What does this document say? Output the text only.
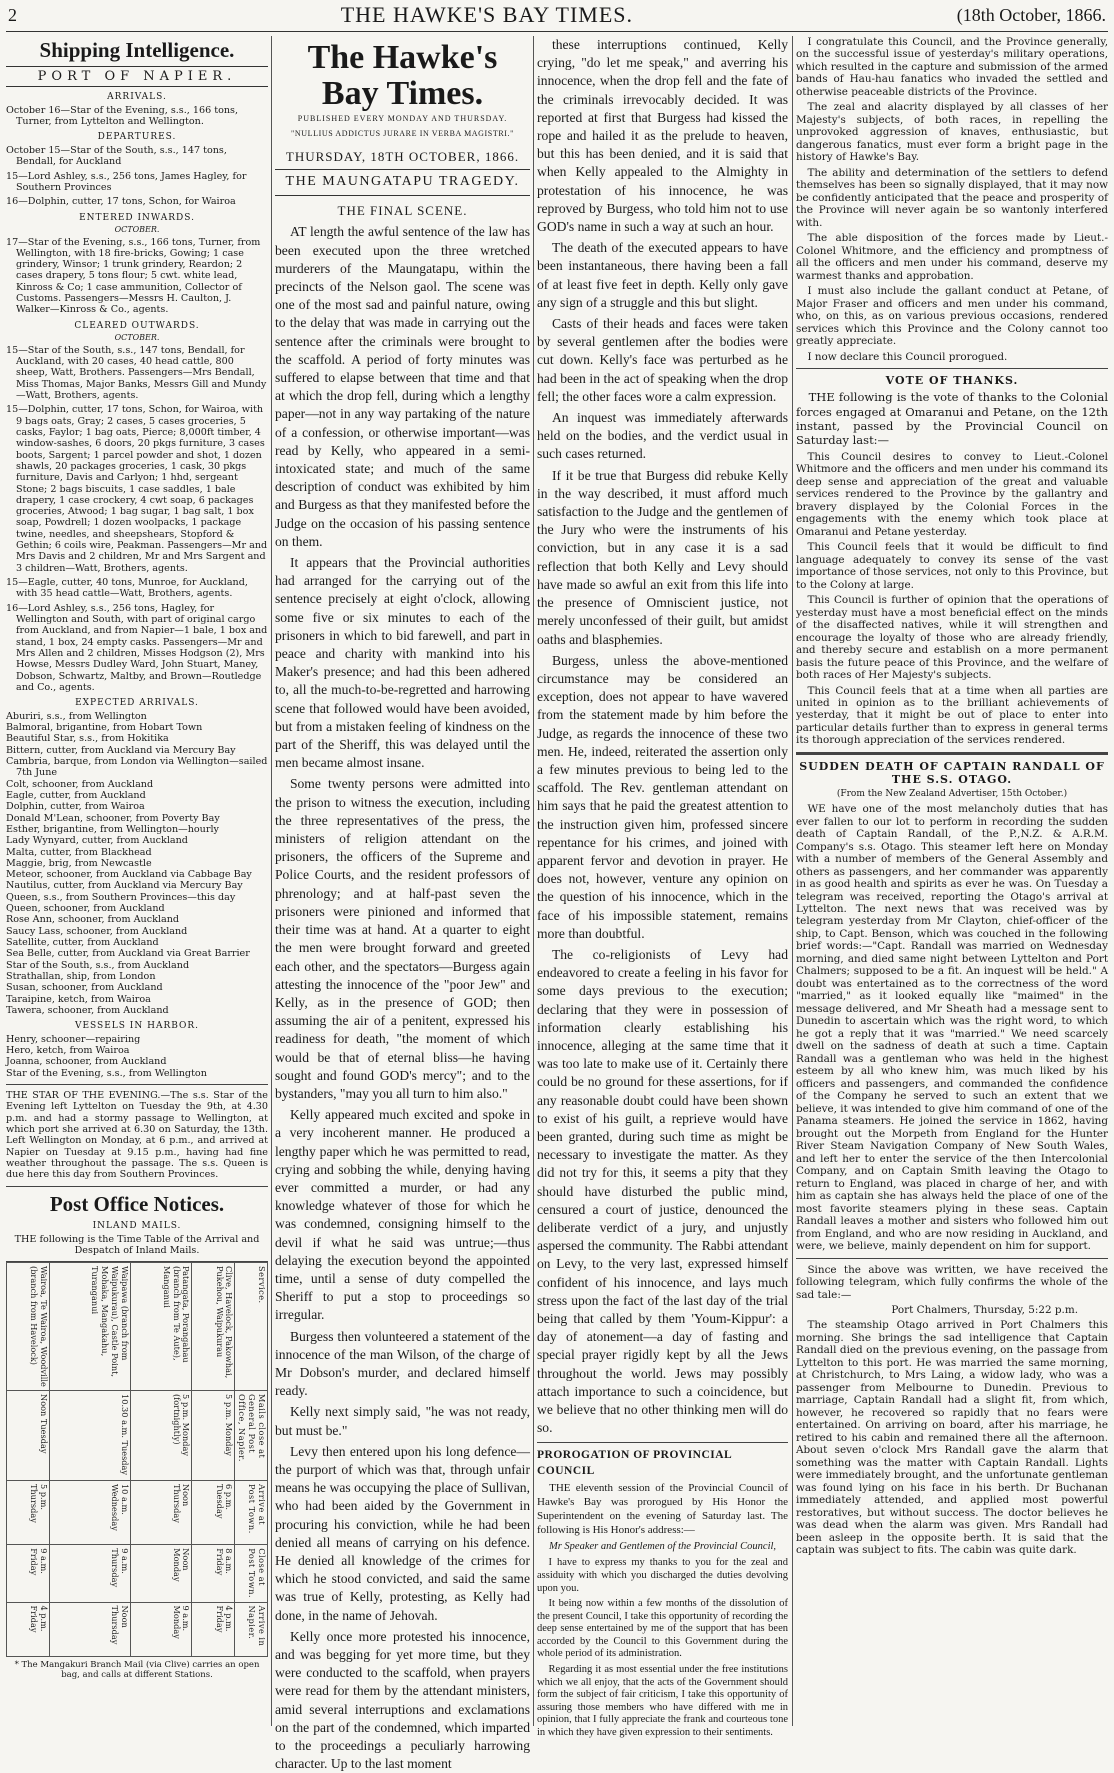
2	THE HAWKE'S BAY TIMES.	(18th October, 1866.
Shipping Intelligence.
PORT OF NAPIER.
ARRIVALS.

October 16—Star of the Evening, s.s., 166 tons, Turner, from Lyttelton and Wellington.

DEPARTURES.

October 15—Star of the South, s.s., 147 tons, Bendall, for Auckland

15—Lord Ashley, s.s., 256 tons, James Hagley, for Southern Provinces

16—Dolphin, cutter, 17 tons, Schon, for Wairoa

ENTERED INWARDS.
OCTOBER.

17—Star of the Evening, s.s., 166 tons, Turner, from Wellington, with 18 fire-bricks, Gowing; 1 case grindery, Winsor; 1 trunk grindery, Reardon; 2 cases drapery, 5 tons flour; 5 cwt. white lead, Kinross & Co; 1 case ammunition, Collector of Customs. Passengers—Messrs H. Caulton, J. Walker—Kinross & Co., agents.

CLEARED OUTWARDS.
OCTOBER.

15—Star of the South, s.s., 147 tons, Bendall, for Auckland, with 20 cases, 40 head cattle, 800 sheep, Watt, Brothers. Passengers—Mrs Bendall, Miss Thomas, Major Banks, Messrs Gill and Mundy—Watt, Brothers, agents.

15—Dolphin, cutter, 17 tons, Schon, for Wairoa, with 9 bags oats, Gray; 2 cases, 5 cases groceries, 5 casks, Faylor; 1 bag oats, Pierce; 8,000ft timber, 4 window-sashes, 6 doors, 20 pkgs furniture, 3 cases boots, Sargent; 1 parcel powder and shot, 1 dozen shawls, 20 packages groceries, 1 cask, 30 pkgs furniture, Davis and Carlyon; 1 hhd, sergeant Stone; 2 bags biscuits, 1 case saddles, 1 bale drapery, 1 case crockery, 4 cwt soap, 6 packages groceries, Atwood; 1 bag sugar, 1 bag salt, 1 box soap, Powdrell; 1 dozen woolpacks, 1 package twine, needles, and sheepshears, Stopford & Gethin; 6 coils wire, Peakman. Passengers—Mr and Mrs Davis and 2 children, Mr and Mrs Sargent and 3 children—Watt, Brothers, agents.

15—Eagle, cutter, 40 tons, Munroe, for Auckland, with 35 head cattle—Watt, Brothers, agents.

16—Lord Ashley, s.s., 256 tons, Hagley, for Wellington and South, with part of original cargo from Auckland, and from Napier—1 bale, 1 box and stand, 1 box, 24 empty casks. Passengers—Mr and Mrs Allen and 2 children, Misses Hodgson (2), Mrs Howse, Messrs Dudley Ward, John Stuart, Maney, Dobson, Schwartz, Maltby, and Brown—Routledge and Co., agents.

EXPECTED ARRIVALS.

Aburiri, s.s., from Wellington

Balmoral, brigantine, from Hobart Town

Beautiful Star, s.s., from Hokitika

Bittern, cutter, from Auckland via Mercury Bay

Cambria, barque, from London via Wellington—sailed 7th June

Colt, schooner, from Auckland

Eagle, cutter, from Auckland

Dolphin, cutter, from Wairoa

Donald M'Lean, schooner, from Poverty Bay

Esther, brigantine, from Wellington—hourly

Lady Wynyard, cutter, from Auckland

Malta, cutter, from Blackhead

Maggie, brig, from Newcastle

Meteor, schooner, from Auckland via Cabbage Bay

Nautilus, cutter, from Auckland via Mercury Bay

Queen, s.s., from Southern Provinces—this day

Queen, schooner, from Auckland

Rose Ann, schooner, from Auckland

Saucy Lass, schooner, from Auckland

Satellite, cutter, from Auckland

Sea Belle, cutter, from Auckland via Great Barrier

Star of the South, s.s., from Auckland

Strathallan, ship, from London

Susan, schooner, from Auckland

Taraipine, ketch, from Wairoa

Tawera, schooner, from Auckland

VESSELS IN HARBOR.

Henry, schooner—repairing

Hero, ketch, from Wairoa

Joanna, schooner, from Auckland

Star of the Evening, s.s., from Wellington

THE STAR OF THE EVENING.—The s.s. Star of the Evening left Lyttelton on Tuesday the 9th, at 4.30 p.m. and had a stormy passage to Wellington, at which port she arrived at 6.30 on Saturday, the 13th. Left Wellington on Monday, at 6 p.m., and arrived at Napier on Tuesday at 9.15 p.m., having had fine weather throughout the passage. The s.s. Queen is due here this day from Southern Provinces.

Post Office Notices.
INLAND MAILS.

THE following is the Time Table of the Arrival and Despatch of Inland Mails.

Service.	Mails close at General Post Office, Napier.	Arrive at Post Town.	Close at Post Town.	Arrive in Napier.
Clive, Havelock, Pakowhai, Pukehou, Waipukurau	5 p.m. Monday	6 p.m. Tuesday	8 a.m. Friday	4 p.m. Friday
Patangata, Porangahau (branch from Te Aute), Manganui	5 p.m. Monday (fortnightly)	Noon Thursday	Noon Monday	9 a.m. Monday
Waipawa (branch from Waipukurau), Castle Point, Mohaka, Mangakahu, Turanganui	10.30 a.m. Tuesday	10 a.m. Wednesday	9 a.m. Thursday	Noon Thursday
Wairoa, Te Wairoa, Woodville (branch from Havelock)	Noon Tuesday	5 p.m. Thursday	9 a.m. Friday	4 p.m. Friday
* The Mangakuri Branch Mail (via Clive) carries an open bag, and calls at different Stations.
The Hawke's Bay Times.
PUBLISHED EVERY MONDAY AND THURSDAY.
"NULLIUS ADDICTUS JURARE IN VERBA MAGISTRI."
THURSDAY, 18TH OCTOBER, 1866.
THE MAUNGATAPU TRAGEDY.
THE FINAL SCENE.

AT length the awful sentence of the law has been executed upon the three wretched murderers of the Maungatapu, within the precincts of the Nelson gaol. The scene was one of the most sad and painful nature, owing to the delay that was made in carrying out the sentence after the criminals were brought to the scaffold. A period of forty minutes was suffered to elapse between that time and that at which the drop fell, during which a lengthy paper—not in any way partaking of the nature of a confession, or otherwise important—was read by Kelly, who appeared in a semi-intoxicated state; and much of the same description of conduct was exhibited by him and Burgess as that they manifested before the Judge on the occasion of his passing sentence on them.

It appears that the Provincial authorities had arranged for the carrying out of the sentence precisely at eight o'clock, allowing some five or six minutes to each of the prisoners in which to bid farewell, and part in peace and charity with mankind into his Maker's presence; and had this been adhered to, all the much-to-be-regretted and harrowing scene that followed would have been avoided, but from a mistaken feeling of kindness on the part of the Sheriff, this was delayed until the men became almost insane.

Some twenty persons were admitted into the prison to witness the execution, including the three representatives of the press, the ministers of religion attendant on the prisoners, the officers of the Supreme and Police Courts, and the resident professors of phrenology; and at half-past seven the prisoners were pinioned and informed that their time was at hand. At a quarter to eight the men were brought forward and greeted each other, and the spectators—Burgess again attesting the innocence of the "poor Jew" and Kelly, as in the presence of GOD; then assuming the air of a penitent, expressed his readiness for death, "the moment of which would be that of eternal bliss—he having sought and found GOD's mercy"; and to the bystanders, "may you all turn to him also."

Kelly appeared much excited and spoke in a very incoherent manner. He produced a lengthy paper which he was permitted to read, crying and sobbing the while, denying having ever committed a murder, or had any knowledge whatever of those for which he was condemned, consigning himself to the devil if what he said was untrue;—thus delaying the execution beyond the appointed time, until a sense of duty compelled the Sheriff to put a stop to proceedings so irregular.

Burgess then volunteered a statement of the innocence of the man Wilson, of the charge of Mr Dobson's murder, and declared himself ready.

Kelly next simply said, "he was not ready, but must be."

Levy then entered upon his long defence—the purport of which was that, through unfair means he was occupying the place of Sullivan, who had been aided by the Government in procuring his conviction, while he had been denied all means of carrying on his defence. He denied all knowledge of the crimes for which he stood convicted, and said the same was true of Kelly, protesting, as Kelly had done, in the name of Jehovah.

Kelly once more protested his innocence, and was begging for yet more time, but they were conducted to the scaffold, when prayers were read for them by the attendant ministers, amid several interruptions and exclamations on the part of the condemned, which imparted to the proceedings a peculiarly harrowing character. Up to the last moment

these interruptions continued, Kelly crying, "do let me speak," and averring his innocence, when the drop fell and the fate of the criminals irrevocably decided. It was reported at first that Burgess had kissed the rope and hailed it as the prelude to heaven, but this has been denied, and it is said that when Kelly appealed to the Almighty in protestation of his innocence, he was reproved by Burgess, who told him not to use GOD's name in such a way at such an hour.

The death of the executed appears to have been instantaneous, there having been a fall of at least five feet in depth. Kelly only gave any sign of a struggle and this but slight.

Casts of their heads and faces were taken by several gentlemen after the bodies were cut down. Kelly's face was perturbed as he had been in the act of speaking when the drop fell; the other faces wore a calm expression.

An inquest was immediately afterwards held on the bodies, and the verdict usual in such cases returned.

If it be true that Burgess did rebuke Kelly in the way described, it must afford much satisfaction to the Judge and the gentlemen of the Jury who were the instruments of his conviction, but in any case it is a sad reflection that both Kelly and Levy should have made so awful an exit from this life into the presence of Omniscient justice, not merely unconfessed of their guilt, but amidst oaths and blasphemies.

Burgess, unless the above-mentioned circumstance may be considered an exception, does not appear to have wavered from the statement made by him before the Judge, as regards the innocence of these two men. He, indeed, reiterated the assertion only a few minutes previous to being led to the scaffold. The Rev. gentleman attendant on him says that he paid the greatest attention to the instruction given him, professed sincere repentance for his crimes, and joined with apparent fervor and devotion in prayer. He does not, however, venture any opinion on the question of his innocence, which in the face of his impossible statement, remains more than doubtful.

The co-religionists of Levy had endeavored to create a feeling in his favor for some days previous to the execution; declaring that they were in possession of information clearly establishing his innocence, alleging at the same time that it was too late to make use of it. Certainly there could be no ground for these assertions, for if any reasonable doubt could have been shown to exist of his guilt, a reprieve would have been granted, during such time as might be necessary to investigate the matter. As they did not try for this, it seems a pity that they should have disturbed the public mind, censured a court of justice, denounced the deliberate verdict of a jury, and unjustly aspersed the community. The Rabbi attendant on Levy, to the very last, expressed himself confident of his innocence, and lays much stress upon the fact of the last day of the trial being that called by them 'Youm-Kippur': a day of atonement—a day of fasting and special prayer rigidly kept by all the Jews throughout the world. Jews may possibly attach importance to such a coincidence, but we believe that no other thinking men will do so.

PROROGATION OF PROVINCIAL COUNCIL

THE eleventh session of the Provincial Council of Hawke's Bay was prorogued by His Honor the Superintendent on the evening of Saturday last. The following is His Honor's address:—

Mr Speaker and Gentlemen of the Provincial Council,

I have to express my thanks to you for the zeal and assiduity with which you discharged the duties devolving upon you.

It being now within a few months of the dissolution of the present Council, I take this opportunity of recording the deep sense entertained by me of the support that has been accorded by the Council to this Government during the whole period of its administration.

Regarding it as most essential under the free institutions which we all enjoy, that the acts of the Government should form the subject of fair criticism, I take this opportunity of assuring those members who have differed with me in opinion, that I fully appreciate the frank and courteous tone in which they have given expression to their sentiments.

I congratulate this Council, and the Province generally, on the successful issue of yesterday's military operations, which resulted in the capture and submission of the armed bands of Hau-hau fanatics who invaded the settled and otherwise peaceable districts of the Province.

The zeal and alacrity displayed by all classes of her Majesty's subjects, of both races, in repelling the unprovoked aggression of knaves, enthusiastic, but dangerous fanatics, must ever form a bright page in the history of Hawke's Bay.

The ability and determination of the settlers to defend themselves has been so signally displayed, that it may now be confidently anticipated that the peace and prosperity of the Province will never again be so wantonly interfered with.

The able disposition of the forces made by Lieut.-Colonel Whitmore, and the efficiency and promptness of all the officers and men under his command, deserve my warmest thanks and approbation.

I must also include the gallant conduct at Petane, of Major Fraser and officers and men under his command, who, on this, as on various previous occasions, rendered services which this Province and the Colony cannot too greatly appreciate.

I now declare this Council prorogued.

VOTE OF THANKS.

THE following is the vote of thanks to the Colonial forces engaged at Omaranui and Petane, on the 12th instant, passed by the Provincial Council on Saturday last:—

This Council desires to convey to Lieut.-Colonel Whitmore and the officers and men under his command its deep sense and appreciation of the great and valuable services rendered to the Province by the gallantry and bravery displayed by the Colonial Forces in the engagements with the enemy which took place at Omaranui and Petane yesterday.

This Council feels that it would be difficult to find language adequately to convey its sense of the vast importance of those services, not only to this Province, but to the Colony at large.

This Council is further of opinion that the operations of yesterday must have a most beneficial effect on the minds of the disaffected natives, while it will strengthen and encourage the loyalty of those who are already friendly, and thereby secure and establish on a more permanent basis the future peace of this Province, and the welfare of both races of Her Majesty's subjects.

This Council feels that at a time when all parties are united in opinion as to the brilliant achievements of yesterday, that it might be out of place to enter into particular details further than to express in general terms its thorough appreciation of the services rendered.

SUDDEN DEATH OF CAPTAIN RANDALL OF THE S.S. OTAGO.

(From the New Zealand Advertiser, 15th October.)

WE have one of the most melancholy duties that has ever fallen to our lot to perform in recording the sudden death of Captain Randall, of the P.,N.Z. & A.R.M. Company's s.s. Otago. This steamer left here on Monday with a number of members of the General Assembly and others as passengers, and her commander was apparently in as good health and spirits as ever he was. On Tuesday a telegram was received, reporting the Otago's arrival at Lyttelton. The next news that was received was by telegram yesterday from Mr Clayton, chief-officer of the ship, to Capt. Benson, which was couched in the following brief words:—"Capt. Randall was married on Wednesday morning, and died same night between Lyttelton and Port Chalmers; supposed to be a fit. An inquest will be held." A doubt was entertained as to the correctness of the word "married," as it looked equally like "maimed" in the message delivered, and Mr Sheath had a message sent to Dunedin to ascertain which was the right word, to which he got a reply that it was "married." We need scarcely dwell on the sadness of death at such a time. Captain Randall was a gentleman who was held in the highest esteem by all who knew him, was much liked by his officers and passengers, and commanded the confidence of the Company he served to such an extent that we believe, it was intended to give him command of one of the Panama steamers. He joined the service in 1862, having brought out the Morpeth from England for the Hunter River Steam Navigation Company of New South Wales, and left her to enter the service of the then Intercolonial Company, and on Captain Smith leaving the Otago to return to England, was placed in charge of her, and with him as captain she has always held the place of one of the most favorite steamers plying in these seas. Captain Randall leaves a mother and sisters who followed him out from England, and who are now residing in Auckland, and were, we believe, mainly dependent on him for support.

Since the above was written, we have received the following telegram, which fully confirms the whole of the sad tale:—

Port Chalmers, Thursday, 5:22 p.m.

The steamship Otago arrived in Port Chalmers this morning. She brings the sad intelligence that Captain Randall died on the previous evening, on the passage from Lyttelton to this port. He was married the same morning, at Christchurch, to Mrs Laing, a widow lady, who was a passenger from Melbourne to Dunedin. Previous to marriage, Captain Randall had a slight fit, from which, however, he recovered so rapidly that no fears were entertained. On arriving on board, after his marriage, he retired to his cabin and remained there all the afternoon. About seven o'clock Mrs Randall gave the alarm that something was the matter with Captain Randall. Lights were immediately brought, and the unfortunate gentleman was found lying on his face in his berth. Dr Buchanan immediately attended, and applied most powerful restoratives, but without success. The doctor believes he was dead when the alarm was given. Mrs Randall had been asleep in the opposite berth. It is said that the captain was subject to fits. The cabin was quite dark.
